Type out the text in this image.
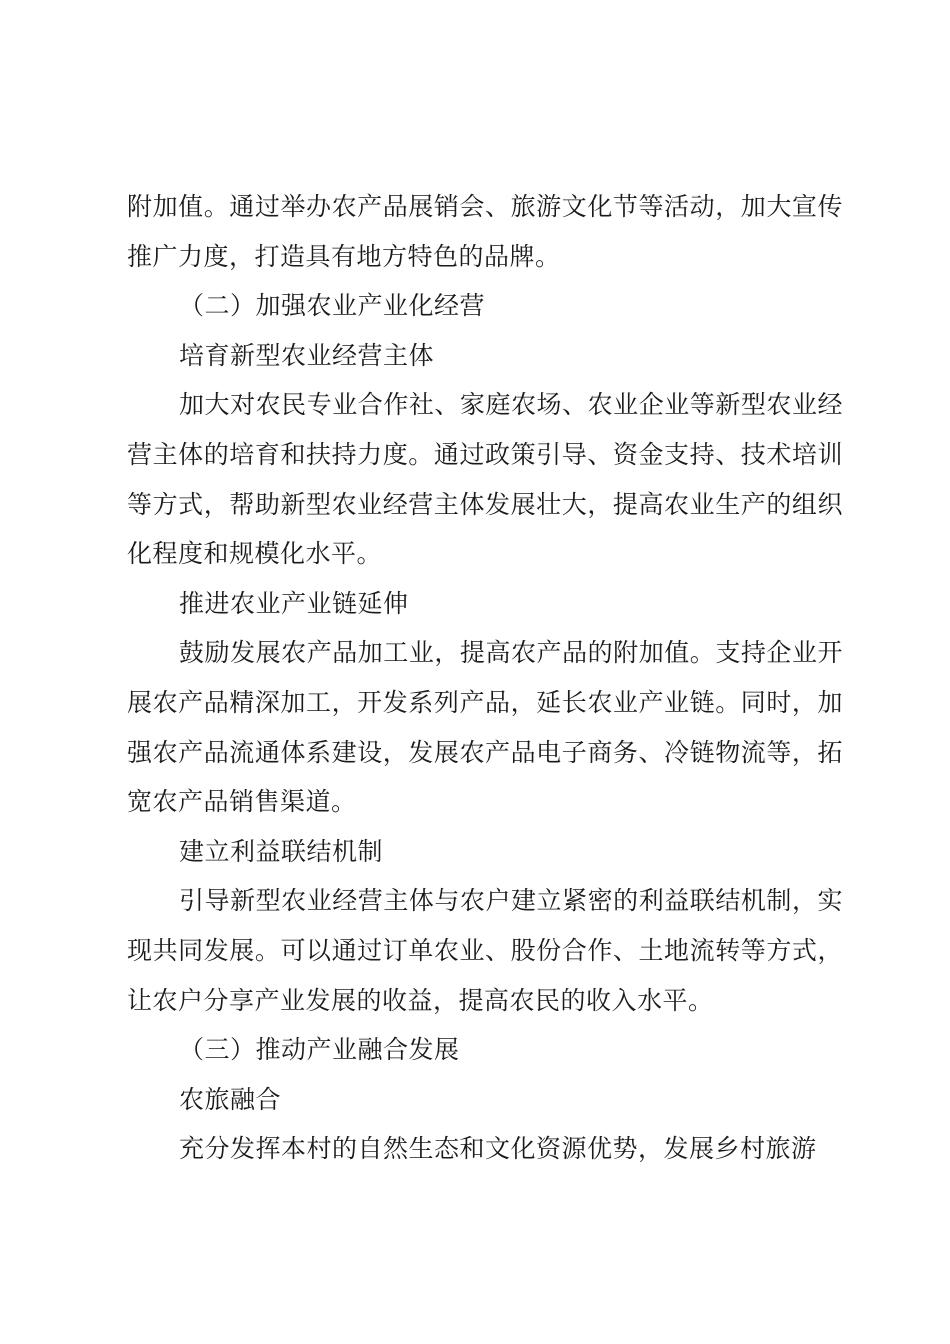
附加值。通过举办农产品展销会、旅游文化节等活动，加大宣传推广力度，打造具有地方特色的品牌。

（二）加强农业产业化经营

培育新型农业经营主体

加大对农民专业合作社、家庭农场、农业企业等新型农业经营主体的培育和扶持力度。通过政策引导、资金支持、技术培训等方式，帮助新型农业经营主体发展壮大，提高农业生产的组织化程度和规模化水平。

推进农业产业链延伸

鼓励发展农产品加工业，提高农产品的附加值。支持企业开展农产品精深加工，开发系列产品，延长农业产业链。同时，加强农产品流通体系建设，发展农产品电子商务、冷链物流等，拓宽农产品销售渠道。

建立利益联结机制

引导新型农业经营主体与农户建立紧密的利益联结机制，实现共同发展。可以通过订单农业、股份合作、土地流转等方式，让农户分享产业发展的收益，提高农民的收入水平。

（三）推动产业融合发展

农旅融合

充分发挥本村的自然生态和文化资源优势，发展乡村旅游
